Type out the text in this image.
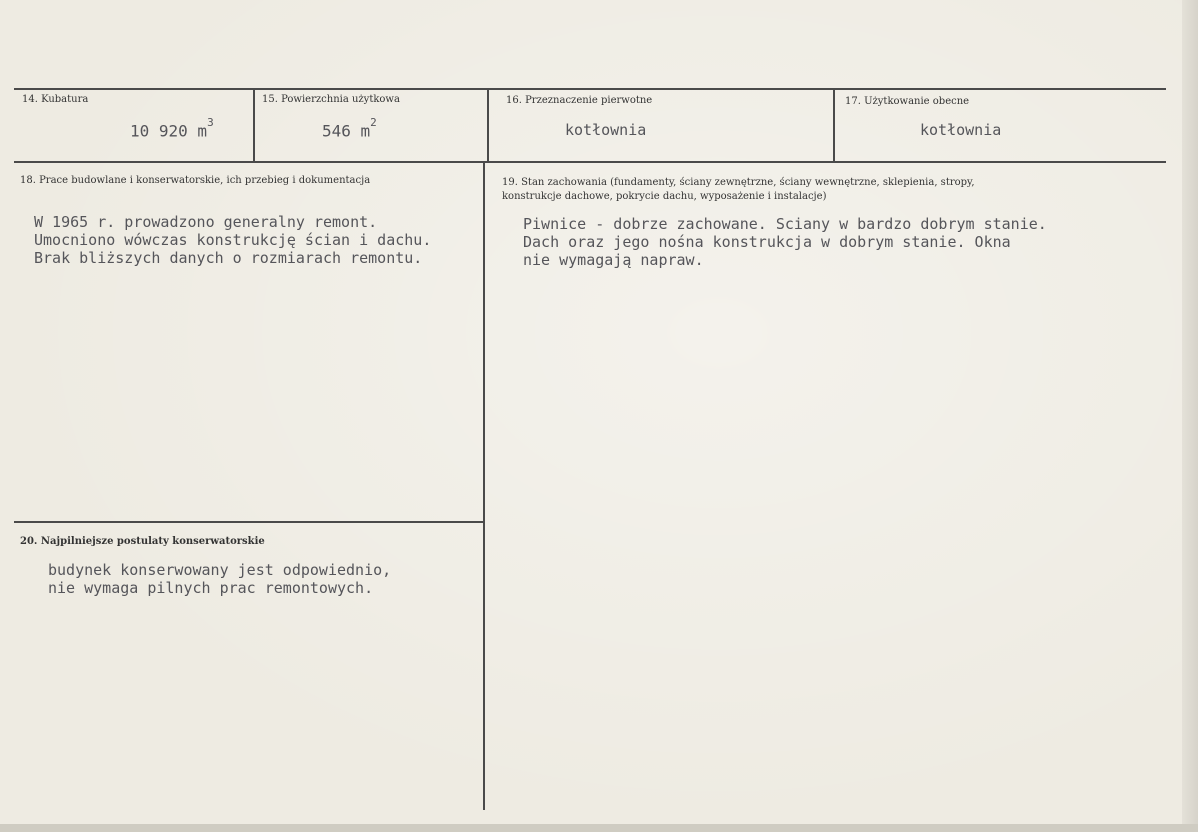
14. Kubatura
10 920 $m^3$
15. Powierzchnia użytkowa
546 $m^2$
16. Przeznaczenie pierwotne
kotłownia
17. Użytkowanie obecne
kotłownia
18. Prace budowlane i konserwatorskie, ich przebieg i dokumentacja
W 1965 r. prowadzono generalny remont.
Umocniono wówczas konstrukcję ścian i dachu.
Brak bliższych danych o rozmiarach remontu.
19. Stan zachowania (fundamenty, ściany zewnętrzne, ściany wewnętrzne, sklepienia, stropy,
konstrukcje dachowe, pokrycie dachu, wyposażenie i instalacje)
Piwnice - dobrze zachowane. Sciany w bardzo dobrym stanie.
Dach oraz jego nośna konstrukcja w dobrym stanie. Okna
nie wymagają napraw.
20. Najpilniejsze postulaty konserwatorskie
budynek konserwowany jest odpowiednio,
nie wymaga pilnych prac remontowych.
